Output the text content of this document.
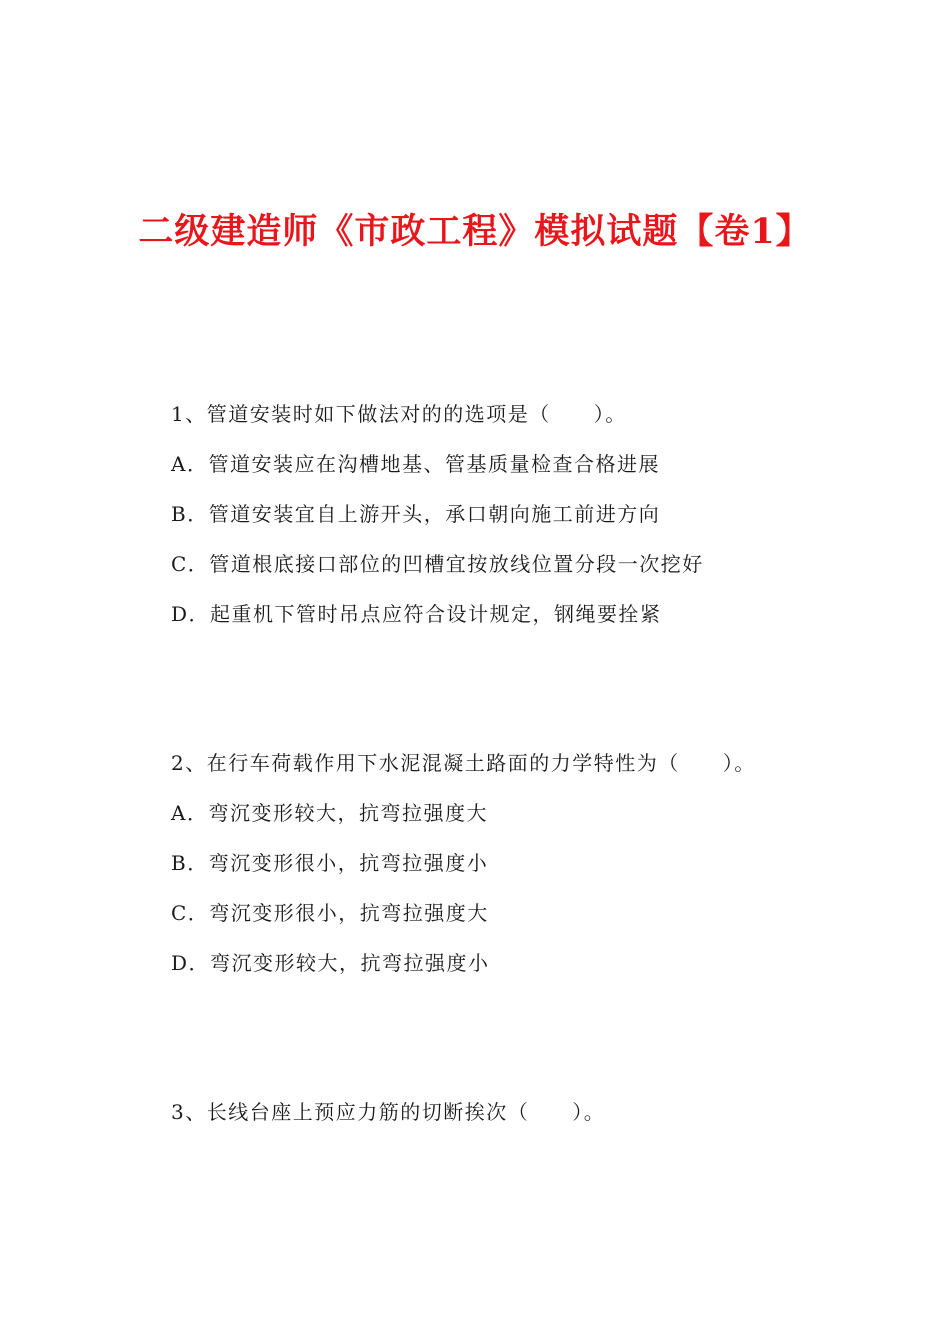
二级建造师《市政工程》模拟试题【卷1】
1、管道安装时如下做法对的的选项是（　　）。
A．管道安装应在沟槽地基、管基质量检查合格进展
B．管道安装宜自上游开头，承口朝向施工前进方向
C．管道根底接口部位的凹槽宜按放线位置分段一次挖好
D．起重机下管时吊点应符合设计规定，钢绳要拴紧
2、在行车荷载作用下水泥混凝土路面的力学特性为（　　）。
A．弯沉变形较大，抗弯拉强度大
B．弯沉变形很小，抗弯拉强度小
C．弯沉变形很小，抗弯拉强度大
D．弯沉变形较大，抗弯拉强度小
3、长线台座上预应力筋的切断挨次（　　）。
